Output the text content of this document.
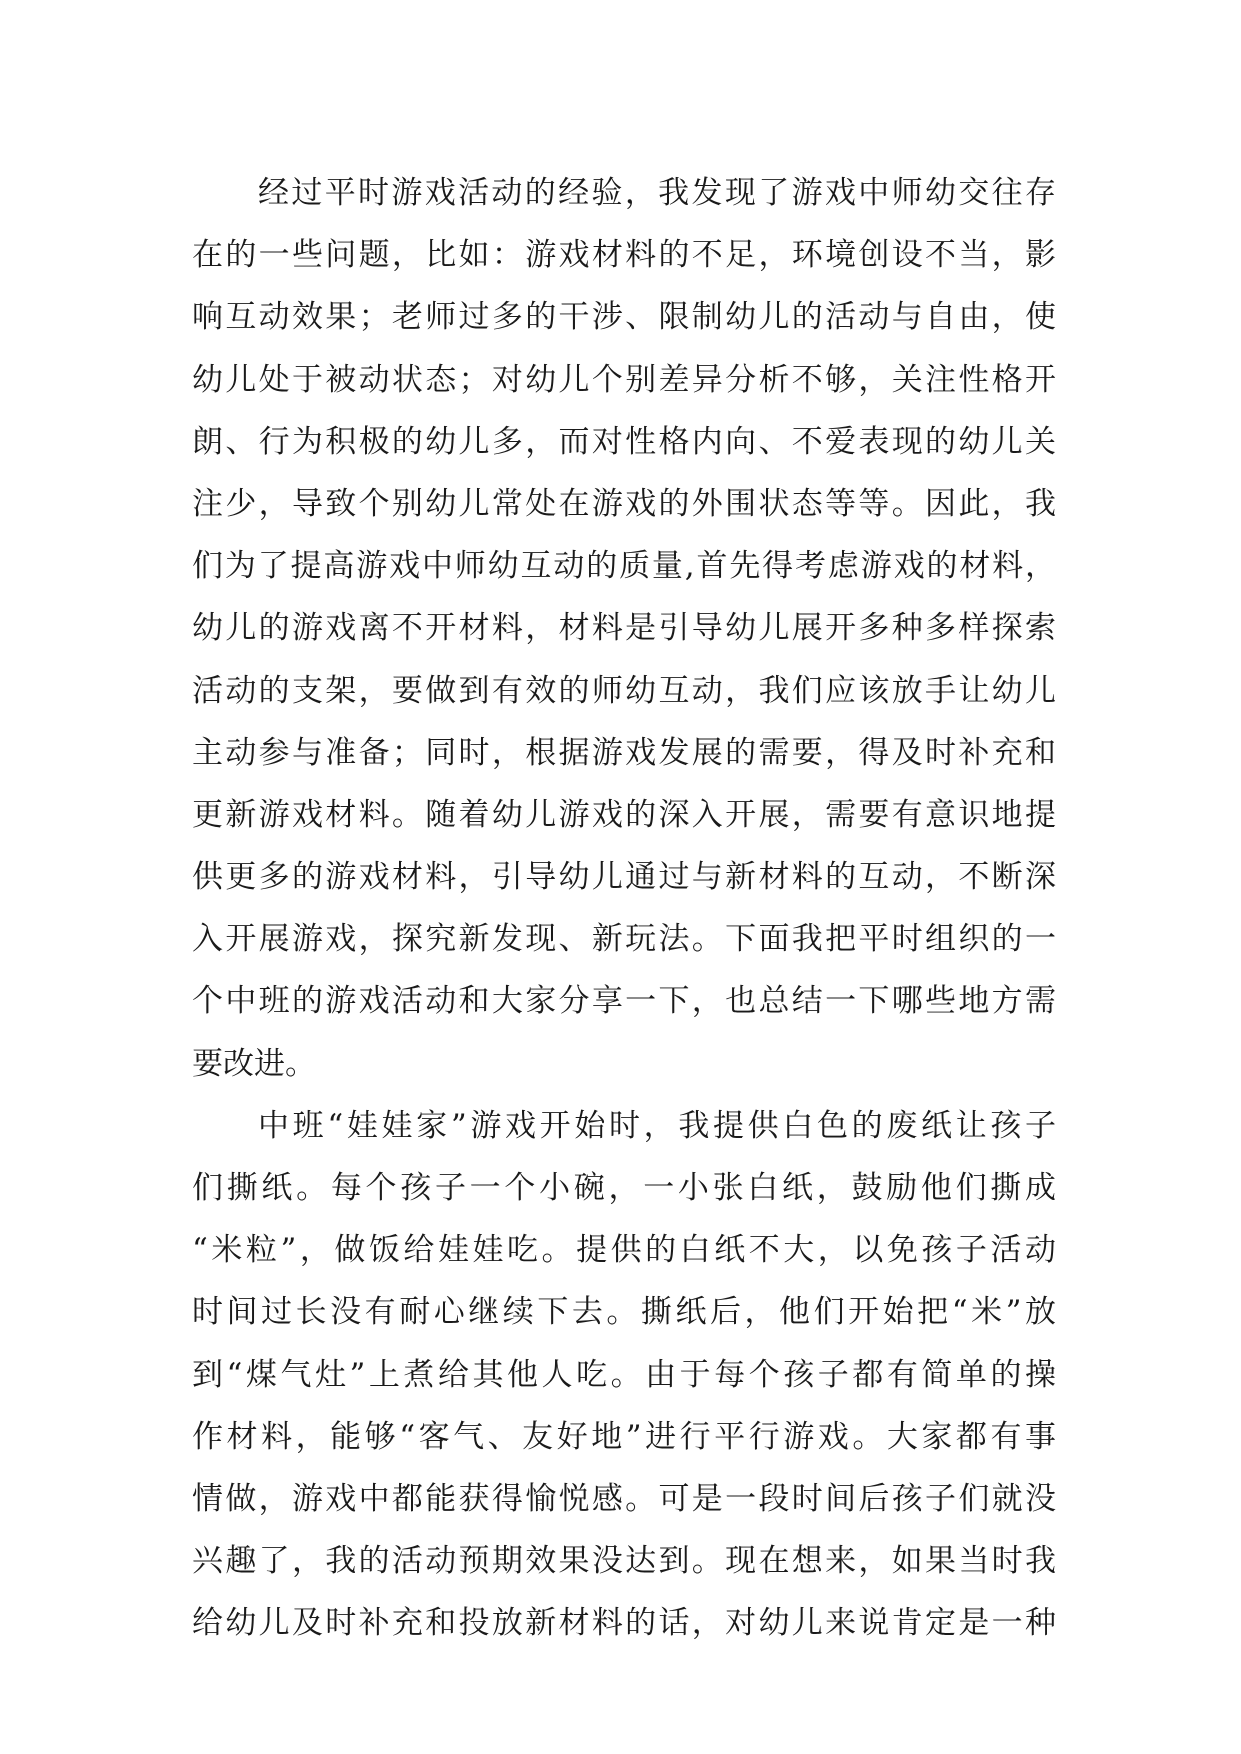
经过平时游戏活动的经验，我发现了游戏中师幼交往存
在的一些问题，比如：游戏材料的不足，环境创设不当，影
响互动效果；老师过多的干涉、限制幼儿的活动与自由，使
幼儿处于被动状态；对幼儿个别差异分析不够，关注性格开
朗、行为积极的幼儿多，而对性格内向、不爱表现的幼儿关
注少，导致个别幼儿常处在游戏的外围状态等等。因此，我
们为了提高游戏中师幼互动的质量,首先得考虑游戏的材料，
幼儿的游戏离不开材料，材料是引导幼儿展开多种多样探索
活动的支架，要做到有效的师幼互动，我们应该放手让幼儿
主动参与准备；同时，根据游戏发展的需要，得及时补充和
更新游戏材料。随着幼儿游戏的深入开展，需要有意识地提
供更多的游戏材料，引导幼儿通过与新材料的互动，不断深
入开展游戏，探究新发现、新玩法。下面我把平时组织的一
个中班的游戏活动和大家分享一下，也总结一下哪些地方需
要改进。
中班“娃娃家”游戏开始时，我提供白色的废纸让孩子
们撕纸。每个孩子一个小碗，一小张白纸，鼓励他们撕成
“米粒”，做饭给娃娃吃。提供的白纸不大，以免孩子活动
时间过长没有耐心继续下去。撕纸后，他们开始把“米”放
到“煤气灶”上煮给其他人吃。由于每个孩子都有简单的操
作材料，能够“客气、友好地”进行平行游戏。大家都有事
情做，游戏中都能获得愉悦感。可是一段时间后孩子们就没
兴趣了，我的活动预期效果没达到。现在想来，如果当时我
给幼儿及时补充和投放新材料的话，对幼儿来说肯定是一种
